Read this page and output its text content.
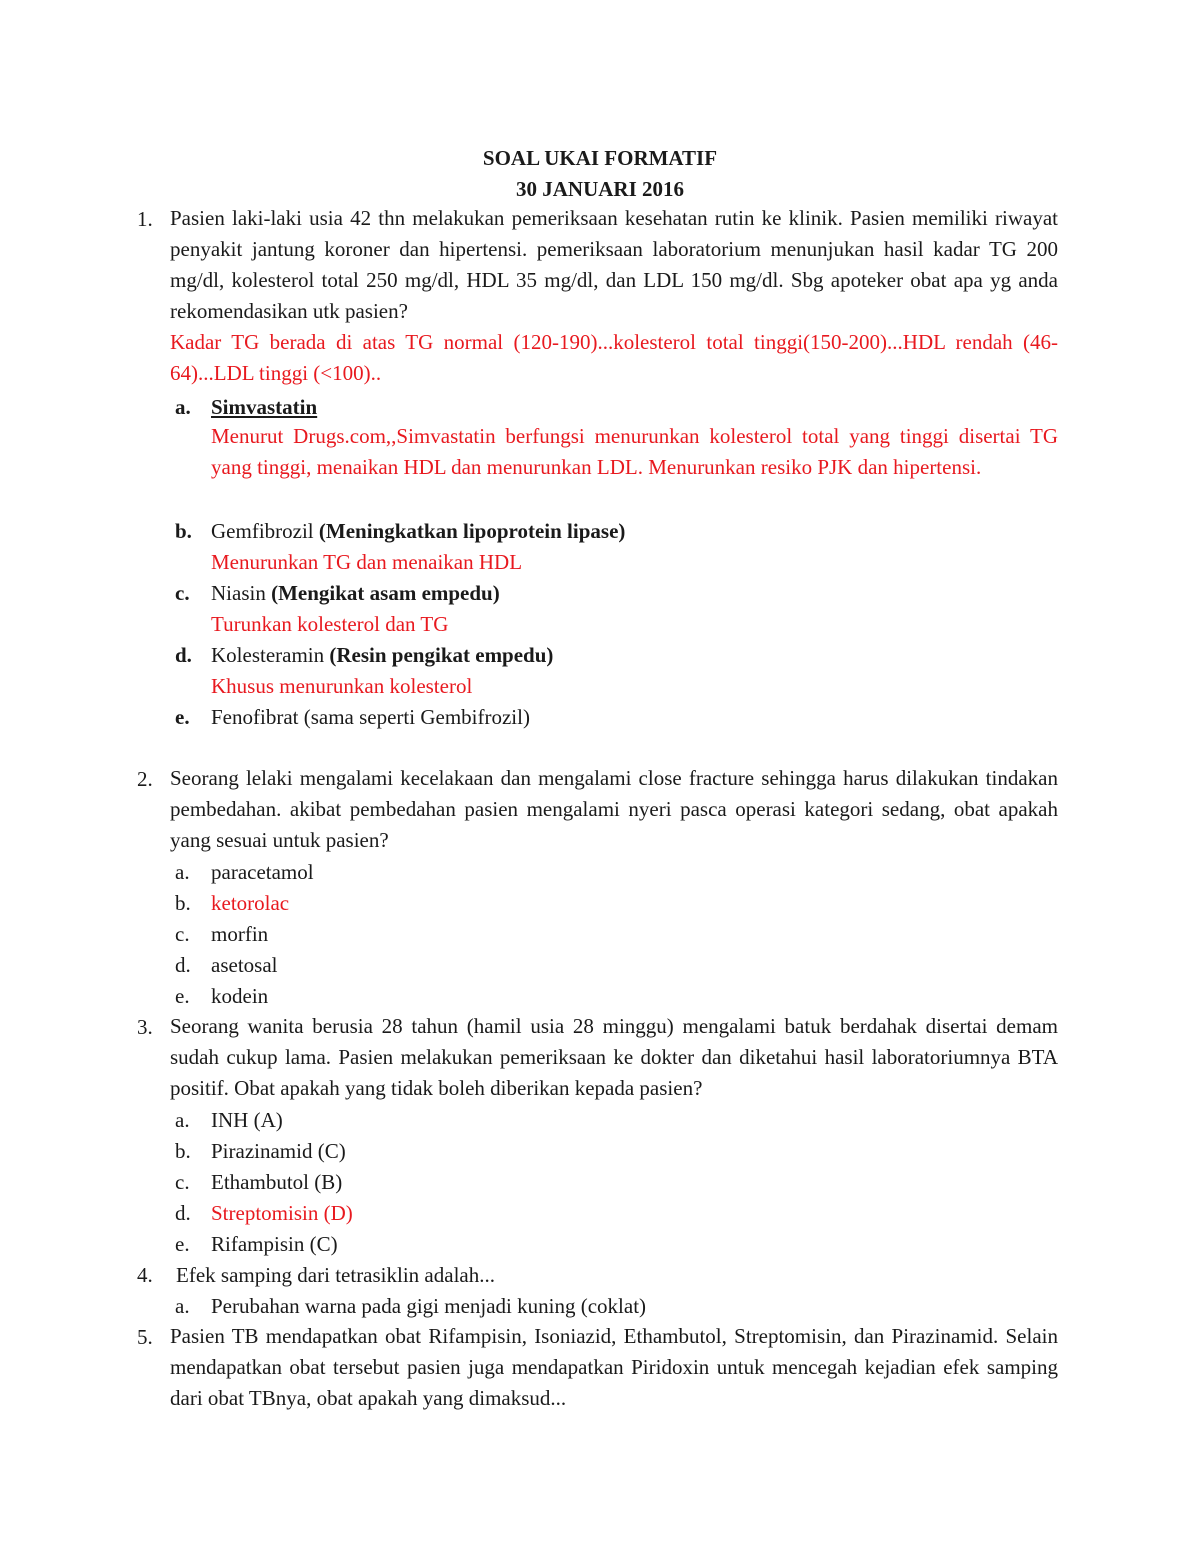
SOAL UKAI FORMATIF
30 JANUARI 2016
1. Pasien laki-laki usia 42 thn melakukan pemeriksaan kesehatan rutin ke klinik. Pasien memiliki riwayat penyakit jantung koroner dan hipertensi. pemeriksaan laboratorium menunjukan hasil kadar TG 200 mg/dl, kolesterol total 250 mg/dl, HDL 35 mg/dl, dan LDL 150 mg/dl. Sbg apoteker obat apa yg anda rekomendasikan utk pasien?

Kadar TG berada di atas TG normal (120-190)...kolesterol total tinggi(150-200)...HDL rendah (46-64)...LDL tinggi (<100)..

a. Simvastatin

Menurut Drugs.com,,Simvastatin berfungsi menurunkan kolesterol total yang tinggi disertai TG yang tinggi, menaikan HDL dan menurunkan LDL. Menurunkan resiko PJK dan hipertensi.

b. Gemfibrozil (Meningkatkan lipoprotein lipase)
Menurunkan TG dan menaikan HDL
c. Niasin (Mengikat asam empedu)
Turunkan kolesterol dan TG
d. Kolesteramin (Resin pengikat empedu)
Khusus menurunkan kolesterol
e. Fenofibrat (sama seperti Gembifrozil)
2. Seorang lelaki mengalami kecelakaan dan mengalami close fracture sehingga harus dilakukan tindakan pembedahan. akibat pembedahan pasien mengalami nyeri pasca operasi kategori sedang, obat apakah yang sesuai untuk pasien?

a. paracetamol
b. ketorolac
c. morfin
d. asetosal
e. kodein
3. Seorang wanita berusia 28 tahun (hamil usia 28 minggu) mengalami batuk berdahak disertai demam sudah cukup lama. Pasien melakukan pemeriksaan ke dokter dan diketahui hasil laboratoriumnya BTA positif. Obat apakah yang tidak boleh diberikan kepada pasien?

a. INH (A)
b. Pirazinamid (C)
c. Ethambutol (B)
d. Streptomisin (D)
e. Rifampisin (C)
4. Efek samping dari tetrasiklin adalah...
a. Perubahan warna pada gigi menjadi kuning (coklat)
5. Pasien TB mendapatkan obat Rifampisin, Isoniazid, Ethambutol, Streptomisin, dan Pirazinamid. Selain mendapatkan obat tersebut pasien juga mendapatkan Piridoxin untuk mencegah kejadian efek samping dari obat TBnya, obat apakah yang dimaksud...
